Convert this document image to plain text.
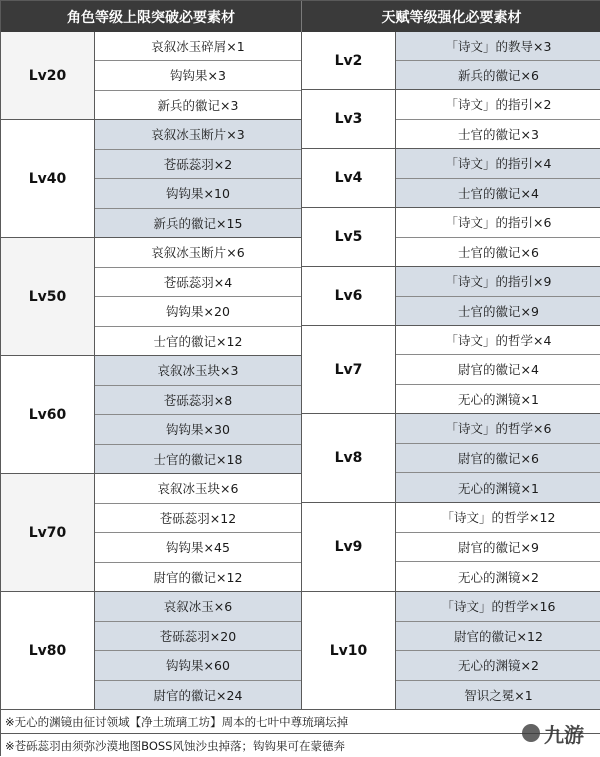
角色等级上限突破必要素材	天赋等级强化必要素材
Lv20
哀叙冰玉碎屑×1
钩钩果×3
新兵的徽记×3
Lv40
哀叙冰玉断片×3
苍砾蕊羽×2
钩钩果×10
新兵的徽记×15
Lv50
哀叙冰玉断片×6
苍砾蕊羽×4
钩钩果×20
士官的徽记×12
Lv60
哀叙冰玉块×3
苍砾蕊羽×8
钩钩果×30
士官的徽记×18
Lv70
哀叙冰玉块×6
苍砾蕊羽×12
钩钩果×45
尉官的徽记×12
Lv80
哀叙冰玉×6
苍砾蕊羽×20
钩钩果×60
尉官的徽记×24
Lv2
「诗文」的教导×3
新兵的徽记×6
Lv3
「诗文」的指引×2
士官的徽记×3
Lv4
「诗文」的指引×4
士官的徽记×4
Lv5
「诗文」的指引×6
士官的徽记×6
Lv6
「诗文」的指引×9
士官的徽记×9
Lv7
「诗文」的哲学×4
尉官的徽记×4
无心的渊镜×1
Lv8
「诗文」的哲学×6
尉官的徽记×6
无心的渊镜×1
Lv9
「诗文」的哲学×12
尉官的徽记×9
无心的渊镜×2
Lv10
「诗文」的哲学×16
尉官的徽记×12
无心的渊镜×2
智识之冕×1
※无心的渊镜由征讨领域【净土琉璃工坊】周本的七叶中尊琉璃坛掉
※苍砾蕊羽由须弥沙漠地图BOSS风蚀沙虫掉落；钩钩果可在蒙德奔	九游
